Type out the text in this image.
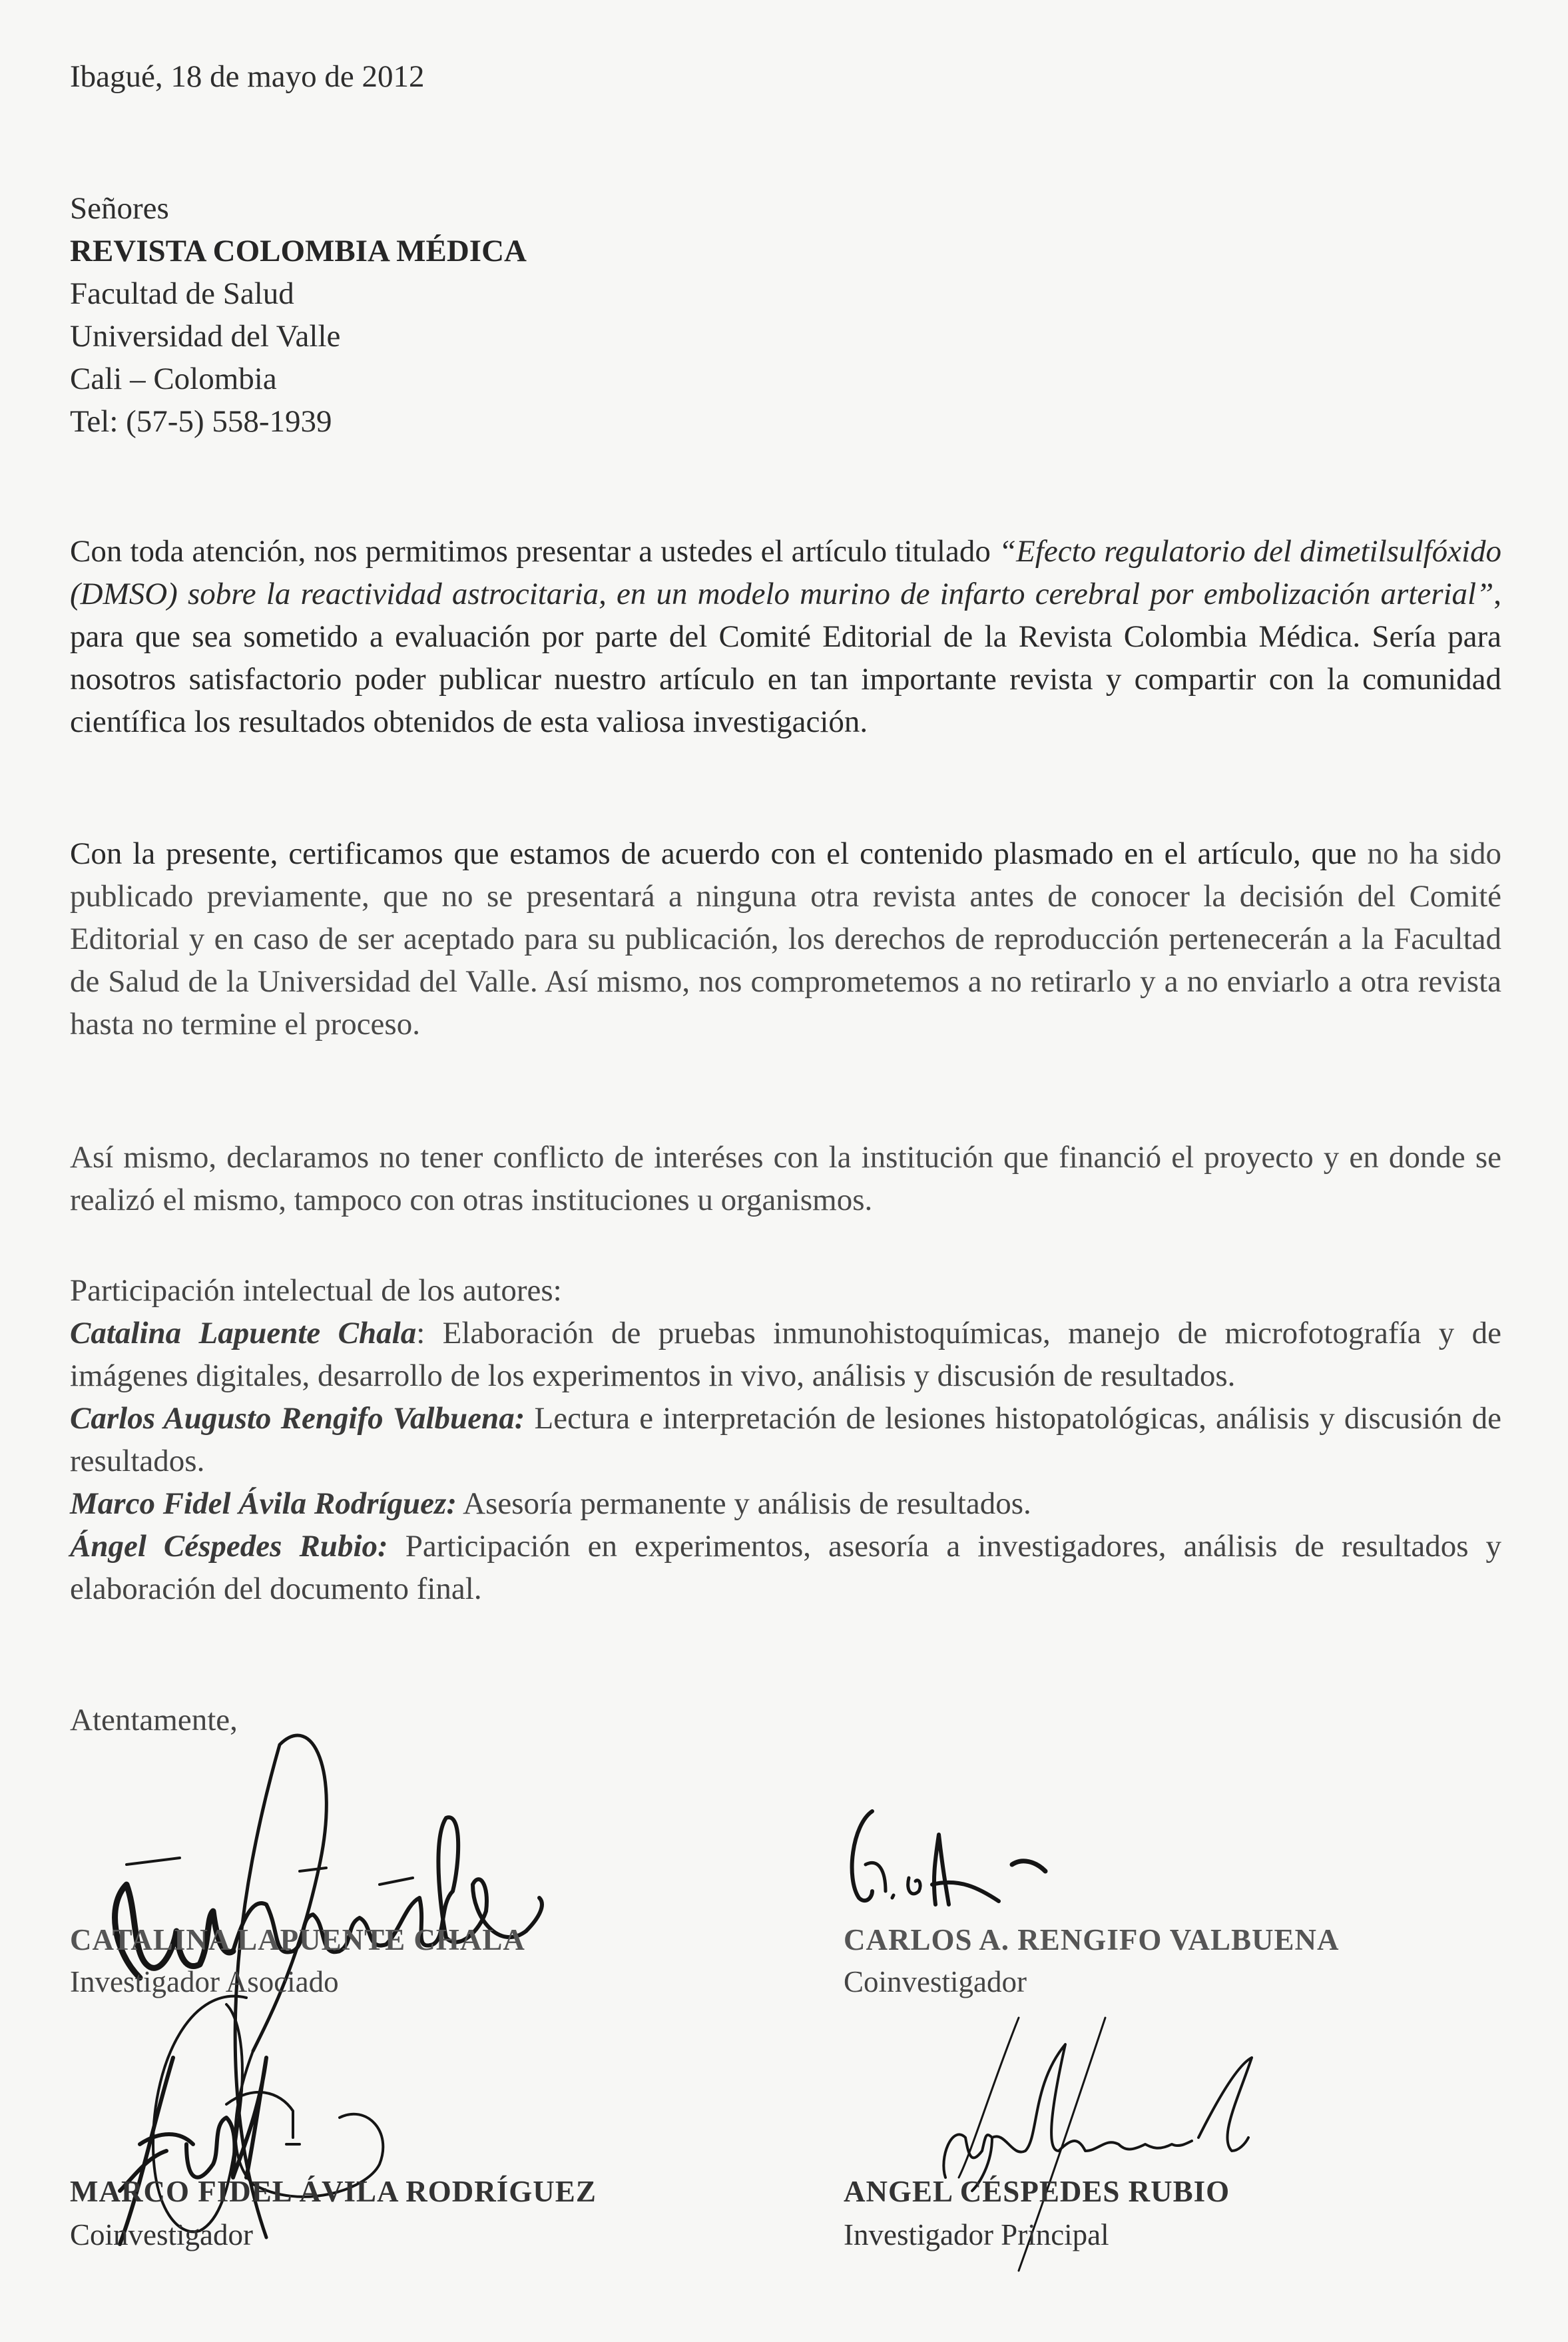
Ibagué, 18 de mayo de 2012
Señores
REVISTA COLOMBIA MÉDICA
Facultad de Salud
Universidad del Valle
Cali – Colombia
Tel: (57-5) 558-1939
Con toda atención, nos permitimos presentar a ustedes el artículo titulado “Efecto regulatorio del dimetilsulfóxido (DMSO) sobre la reactividad astrocitaria, en un modelo murino de infarto cerebral por embolización arterial”, para que sea sometido a evaluación por parte del Comité Editorial de la Revista Colombia Médica. Sería para nosotros satisfactorio poder publicar nuestro artículo en tan importante revista y compartir con la comunidad científica los resultados obtenidos de esta valiosa investigación.
Con la presente, certificamos que estamos de acuerdo con el contenido plasmado en el artículo, que no ha sido publicado previamente, que no se presentará a ninguna otra revista antes de conocer la decisión del Comité Editorial y en caso de ser aceptado para su publicación, los derechos de reproducción pertenecerán a la Facultad de Salud de la Universidad del Valle. Así mismo, nos comprometemos a no retirarlo y a no enviarlo a otra revista hasta no termine el proceso.
Así mismo, declaramos no tener conflicto de interéses con la institución que financió el proyecto y en donde se realizó el mismo, tampoco con otras instituciones u organismos.
Participación intelectual de los autores:
Catalina Lapuente Chala: Elaboración de pruebas inmunohistoquímicas, manejo de microfotografía y de imágenes digitales, desarrollo de los experimentos in vivo, análisis y discusión de resultados.
Carlos Augusto Rengifo Valbuena: Lectura e interpretación de lesiones histopatológicas, análisis y discusión de resultados.
Marco Fidel Ávila Rodríguez: Asesoría permanente y análisis de resultados.
Ángel Céspedes Rubio: Participación en experimentos, asesoría a investigadores, análisis de resultados y elaboración del documento final.
Atentamente,
CATALINA LAPUENTE CHALA
Investigador Asociado
CARLOS A. RENGIFO VALBUENA
Coinvestigador
MARCO FIDEL ÁVILA RODRÍGUEZ
Coinvestigador
ANGEL CÉSPEDES RUBIO
Investigador Principal
